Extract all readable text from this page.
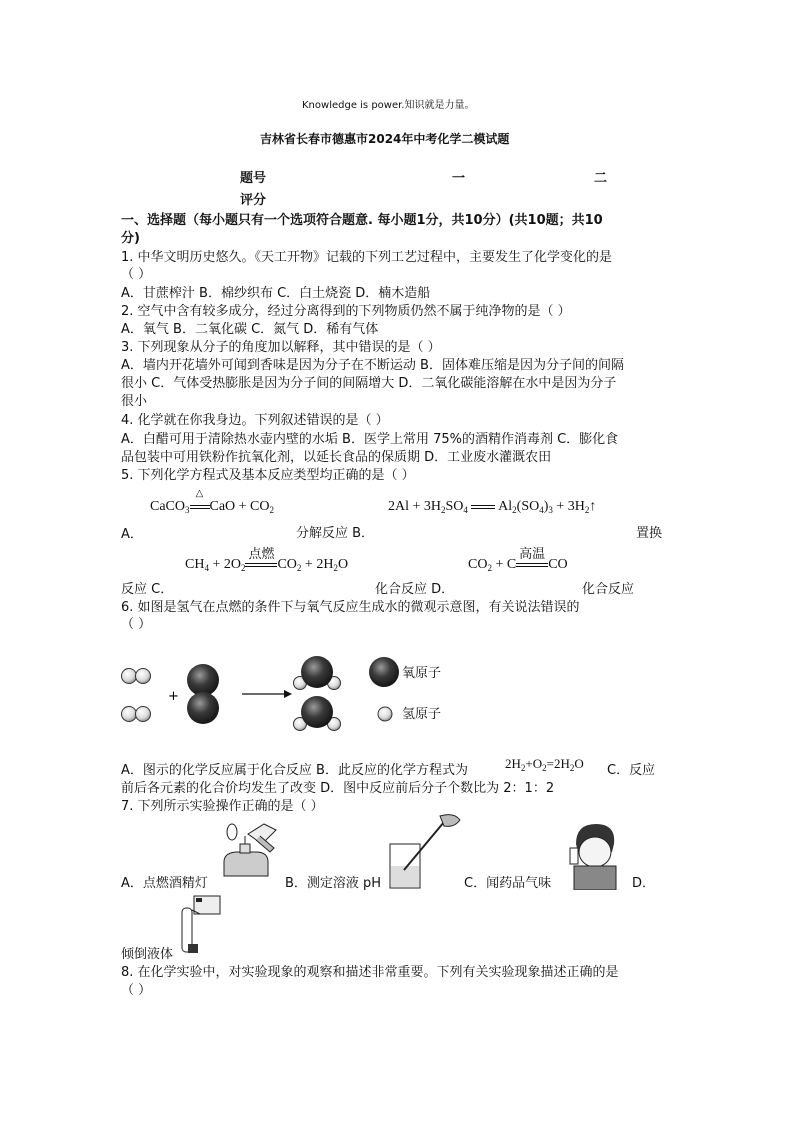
Knowledge is power.知识就是力量。
吉林省长春市德惠市2024年中考化学二模试题
题号	一	二
评分
一、选择题（每小题只有一个选项符合题意. 每小题1分，共10分）(共10题；共10
分)
1. 中华文明历史悠久。《天工开物》记载的下列工艺过程中，主要发生了化学变化的是
（ ）
A．甘蔗榨汁 B．棉纱织布 C．白土烧瓷 D．楠木造船
2. 空气中含有较多成分，经过分离得到的下列物质仍然不属于纯净物的是（ ）
A．氧气 B．二氧化碳 C．氮气 D．稀有气体
3. 下列现象从分子的角度加以解释，其中错误的是（ ）
A．墙内开花墙外可闻到香味是因为分子在不断运动 B．固体难压缩是因为分子间的间隔
很小 C．气体受热膨胀是因为分子间的间隔增大 D．二氧化碳能溶解在水中是因为分子
很小
4. 化学就在你我身边。下列叙述错误的是（ ）
A．白醋可用于清除热水壶内壁的水垢 B．医学上常用 75%的酒精作消毒剂 C．膨化食
品包装中可用铁粉作抗氧化剂，以延长食品的保质期 D．工业废水灌溉农田
5. 下列化学方程式及基本反应类型均正确的是（ ）
CaCO$_3$
△
CaO + $CO_2$	$2Al + 3H_2SO_4$
$Al_2(SO_4)_3$ + $3H_2↑$
A．	分解反应 B．	置换
$CH_4 + 2O_2$
点燃
$CO_2 + 2H_2O$	$CO_2 + C$
高温
CO
反应 C．	化合反应 D．	化合反应
6. 如图是氢气在点燃的条件下与氧气反应生成水的微观示意图，有关说法错误的
（ ）
+
氧原子
氢原子
A．图示的化学反应属于化合反应 B．此反应的化学方程式为	$2H_2+O_2=2H_2O$ C．反应
前后各元素的化合价均发生了改变 D．图中反应前后分子个数比为 2：1：2
7. 下列所示实验操作正确的是（ ）
A．点燃酒精灯	B．测定溶液 pH	C．闻药品气味	D．
倾倒液体
8. 在化学实验中，对实验现象的观察和描述非常重要。下列有关实验现象描述正确的是
（ ）
